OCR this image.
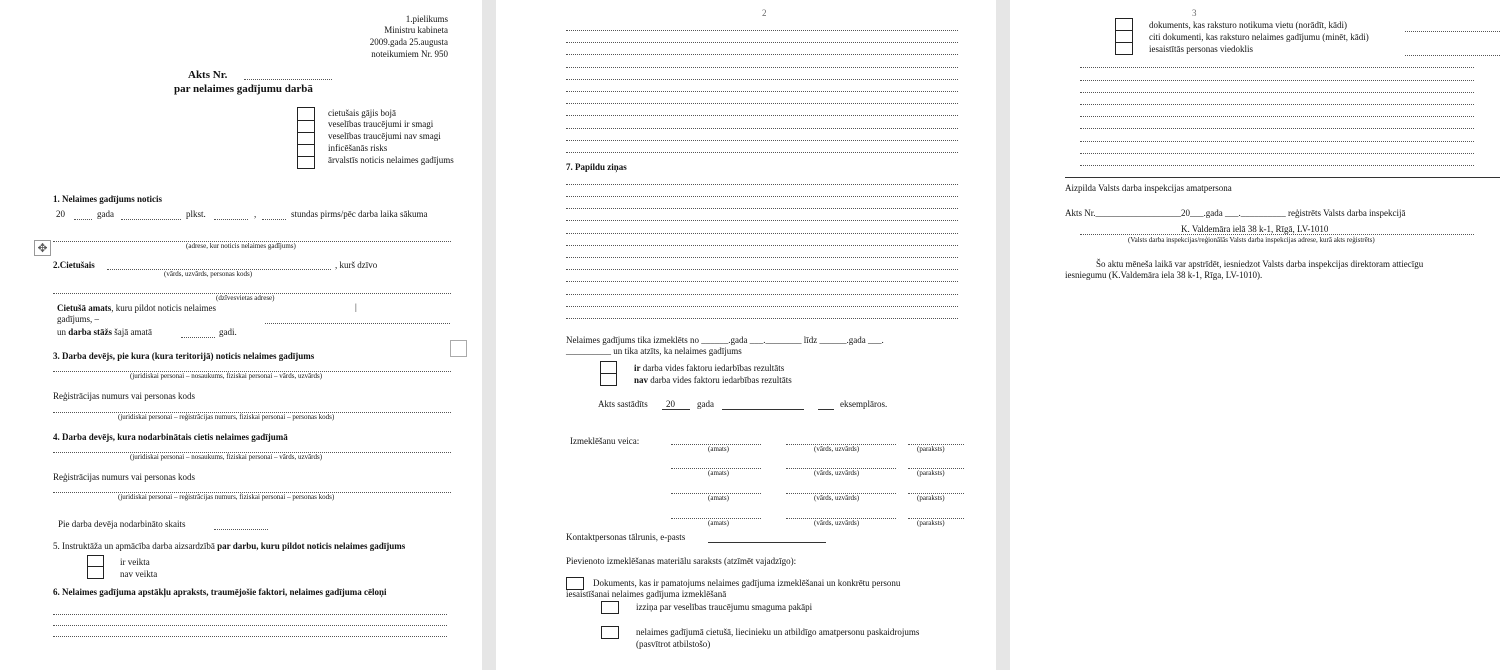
1.pielikums
Ministru kabineta
2009.gada 25.augusta
noteikumiem Nr. 950
Akts Nr.
par nelaimes gadījumu darbā
cietušais gājis bojā
veselības traucējumi ir smagi
veselības traucējumi nav smagi
inficēšanās risks
ārvalstīs noticis nelaimes gadījums
1. Nelaimes gadījums noticis
20	gada	plkst.	,	stundas pirms/pēc darba laika sākuma
✥	(adrese, kur noticis nelaimes gadījums)
2.Cietušais	, kurš dzīvo
(vārds, uzvārds, personas kods)
(dzīvesvietas adrese)
Cietušā amats, kuru pildot noticis nelaimes	|
gadījums, –
un darba stāžs šajā amatā	gadi.
3. Darba devējs, pie kura (kura teritorijā) noticis nelaimes gadījums
(juridiskai personai – nosaukums, fiziskai personai – vārds, uzvārds)
Reģistrācijas numurs vai personas kods
(juridiskai personai – reģistrācijas numurs, fiziskai personai – personas kods)
4. Darba devējs, kura nodarbinātais cietis nelaimes gadījumā
(juridiskai personai – nosaukums, fiziskai personai – vārds, uzvārds)
Reģistrācijas numurs vai personas kods
(juridiskai personai – reģistrācijas numurs, fiziskai personai – personas kods)
Pie darba devēja nodarbināto skaits
5. Instruktāža un apmācība darba aizsardzībā par darbu, kuru pildot noticis nelaimes gadījums
ir veikta
nav veikta
6. Nelaimes gadījuma apstākļu apraksts, traumējošie faktori, nelaimes gadījuma cēloņi
2
7. Papildu ziņas
Nelaimes gadījums tika izmeklēts no ______.gada ___.________ līdz ______.gada ___.
__________ un tika atzīts, ka nelaimes gadījums
ir darba vides faktoru iedarbības rezultāts
nav darba vides faktoru iedarbības rezultāts
Akts sastādīts 20 gada	eksemplāros.
Izmeklēšanu veica:
(amats)	(vārds, uzvārds)	(paraksts)
(amats)	(vārds, uzvārds)	(paraksts)
(amats)	(vārds, uzvārds)	(paraksts)
(amats)	(vārds, uzvārds)	(paraksts)
Kontaktpersonas tālrunis, e-pasts
Pievienoto izmeklēšanas materiālu saraksts (atzīmēt vajadzīgo):
Dokuments, kas ir pamatojums nelaimes gadījuma izmeklēšanai un konkrētu personu
iesaistīšanai nelaimes gadījuma izmeklēšanā
izziņa par veselības traucējumu smaguma pakāpi
nelaimes gadījumā cietušā, liecinieku un atbildīgo amatpersonu paskaidrojums
(pasvītrot atbilstošo)
3
dokuments, kas raksturo notikuma vietu (norādīt, kādi)
citi dokumenti, kas raksturo nelaimes gadījumu (minēt, kādi)
iesaistītās personas viedoklis
Aizpilda Valsts darba inspekcijas amatpersona
Akts Nr.___________________20___.gada ___.__________ reģistrēts Valsts darba inspekcijā
K. Valdemāra ielā 38 k-1, Rīgā, LV-1010
(Valsts darba inspekcijas/reģionālās Valsts darba inspekcijas adrese, kurā akts reģistrēts)
Šo aktu mēneša laikā var apstrīdēt, iesniedzot Valsts darba inspekcijas direktoram attiecīgu
iesniegumu (K.Valdemāra iela 38 k-1, Rīga, LV-1010).
